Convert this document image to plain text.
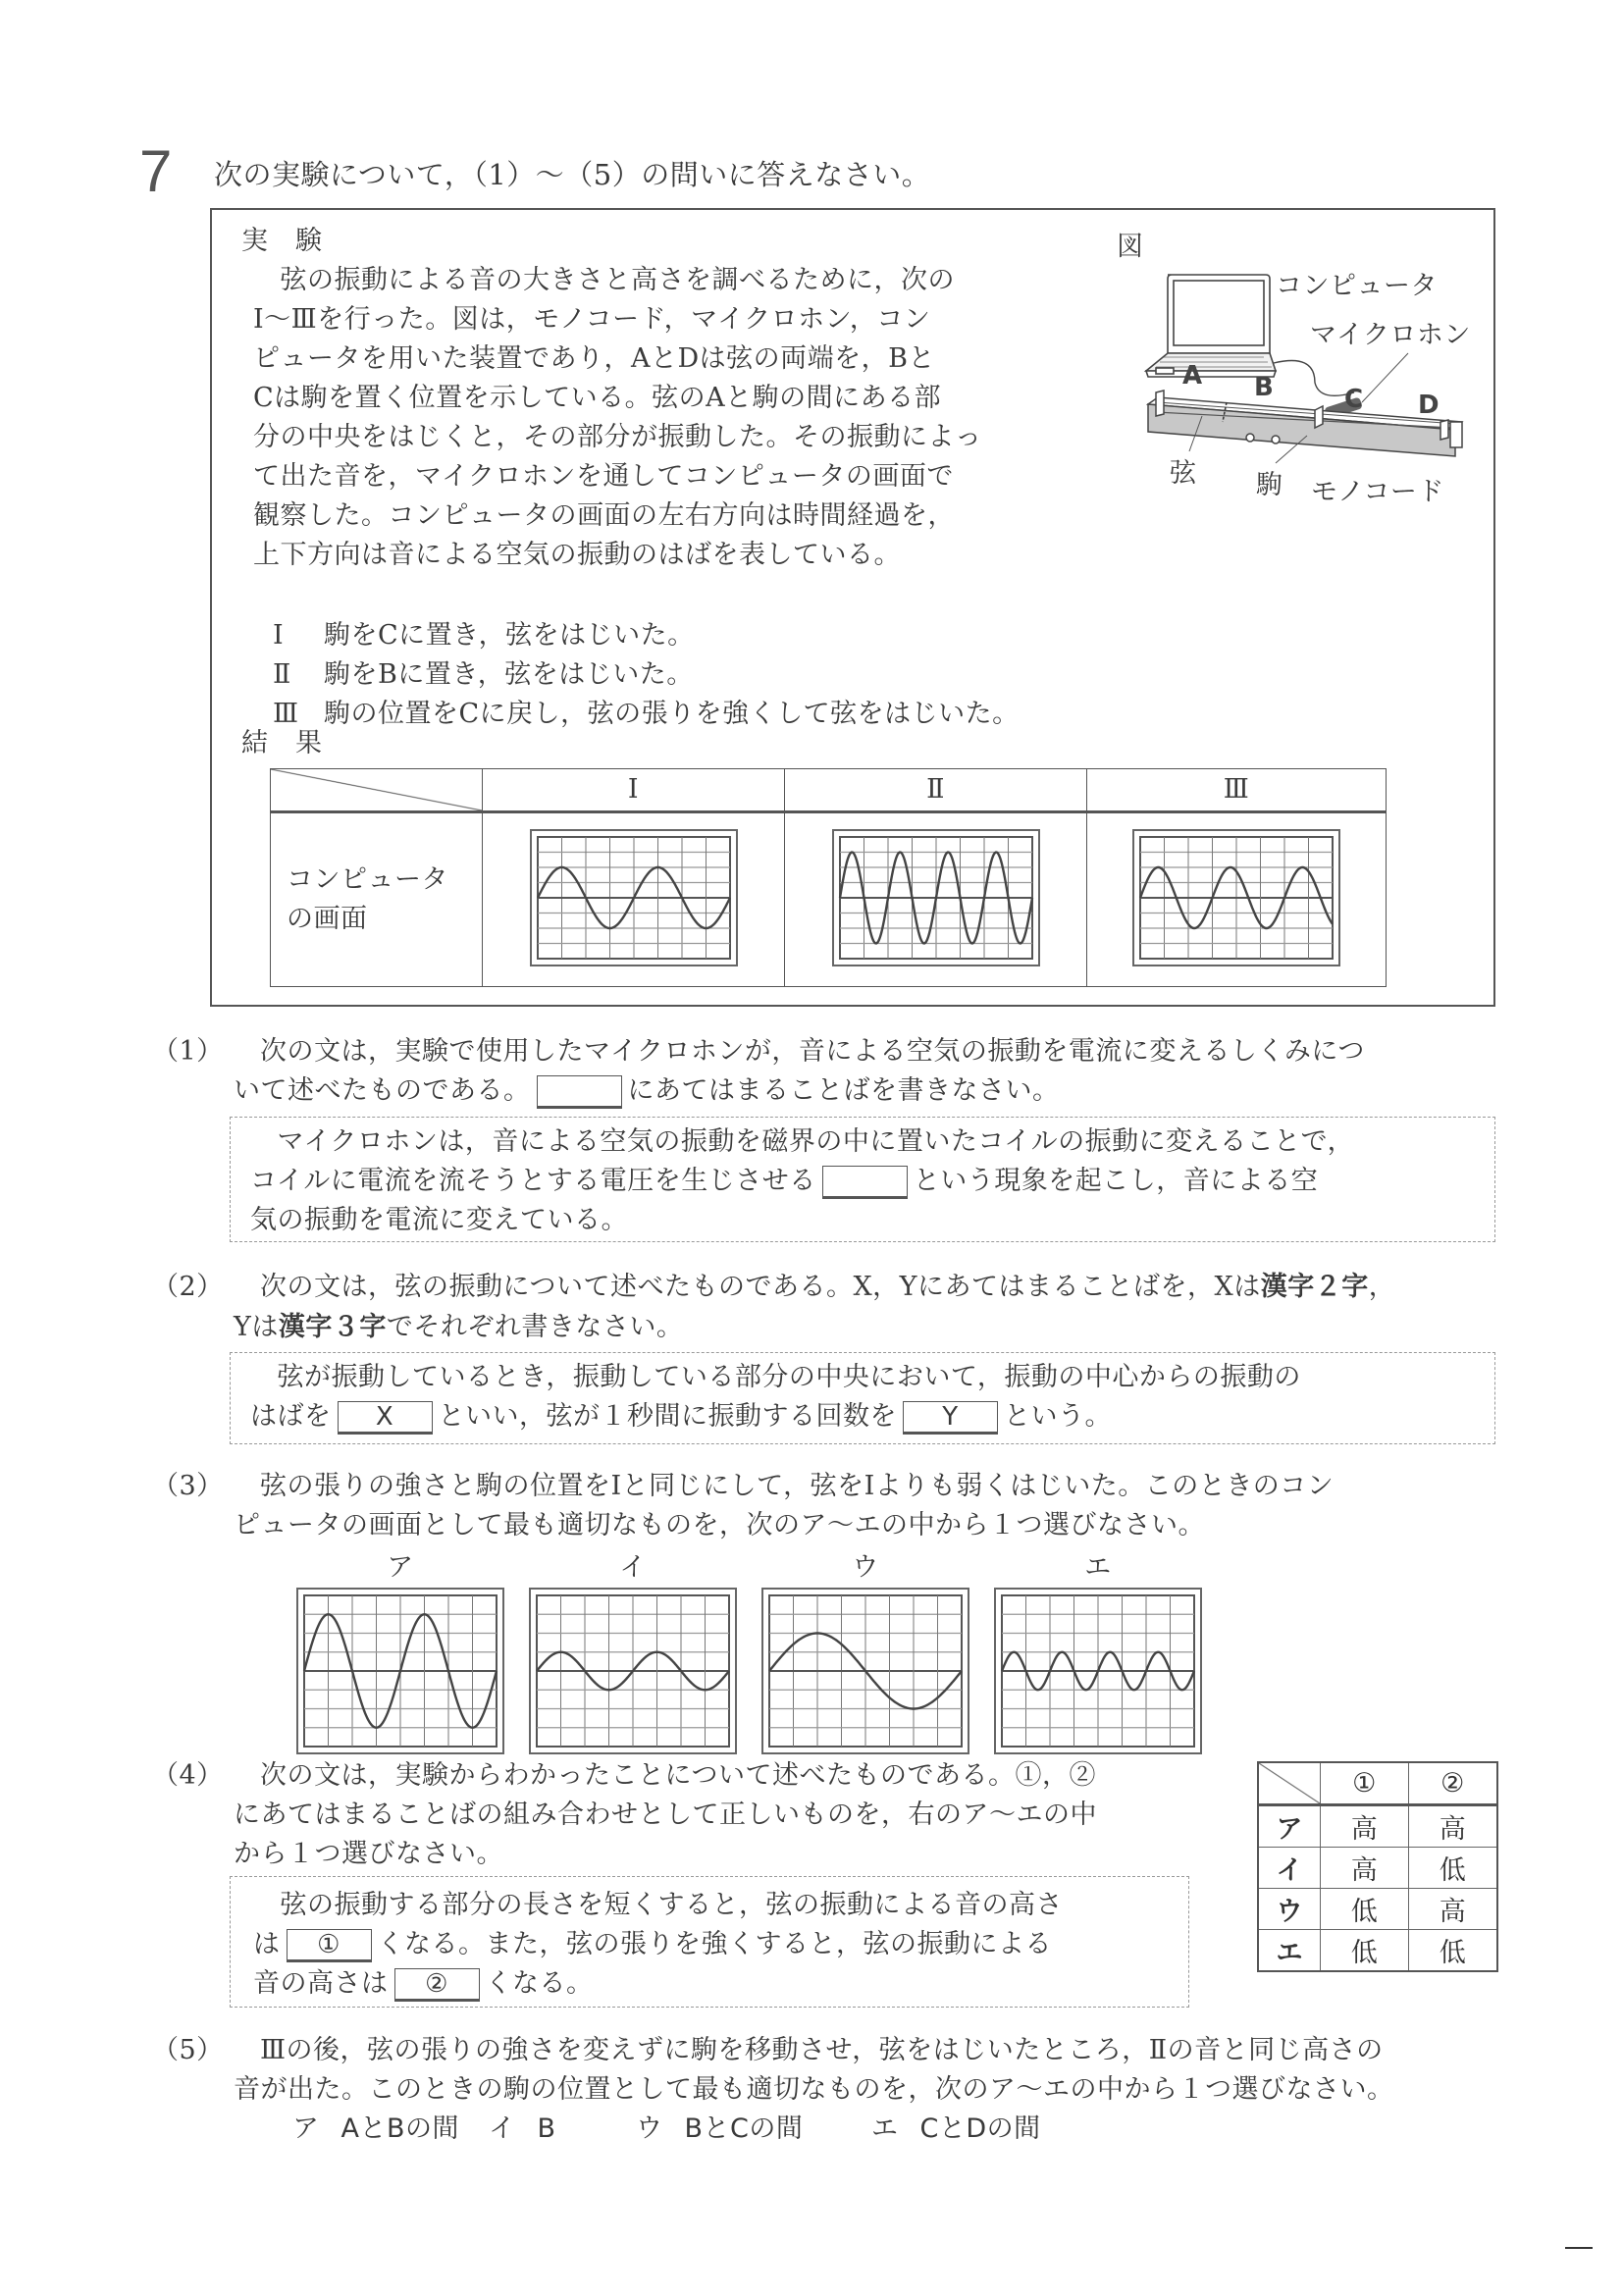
7 次の実験について，（1）～（5）の問いに答えなさい。
実　験
　弦の振動による音の大きさと高さを調べるために，次の
Ⅰ～Ⅲを行った。図は，モノコード，マイクロホン，コン
ピュータを用いた装置であり，AとDは弦の両端を，Bと
Cは駒を置く位置を示している。弦のAと駒の間にある部
分の中央をはじくと，その部分が振動した。その振動によっ
て出た音を，マイクロホンを通してコンピュータの画面で
観察した。コンピュータの画面の左右方向は時間経過を，
上下方向は音による空気の振動のはばを表している。
Ⅰ 駒をCに置き，弦をはじいた。
Ⅱ 駒をBに置き，弦をはじいた。
Ⅲ 駒の位置をCに戻し，弦の張りを強くして弦をはじいた。
図
コンピュータ
マイクロホン
A B	C D
弦 駒 モノコード
結　果
	Ⅰ	Ⅱ	Ⅲ

コンピュータ
の画面

（1） 次の文は，実験で使用したマイクロホンが，音による空気の振動を電流に変えるしくみにつ
いて述べたものである。	にあてはまることばを書きなさい。
　マイクロホンは，音による空気の振動を磁界の中に置いたコイルの振動に変えることで，
コイルに電流を流そうとする電圧を生じさせる	という現象を起こし，音による空
気の振動を電流に変えている。
（2） 次の文は，弦の振動について述べたものである。X，Yにあてはまることばを，Xは漢字２字，
Yは漢字３字でそれぞれ書きなさい。
　弦が振動しているとき，振動している部分の中央において，振動の中心からの振動の
はばを X といい，弦が１秒間に振動する回数を Y という。
（3） 弦の張りの強さと駒の位置をⅠと同じにして，弦をⅠよりも弱くはじいた。このときのコン
ピュータの画面として最も適切なものを，次のア～エの中から１つ選びなさい。
ア	イ	ウ	エ
（4） 次の文は，実験からわかったことについて述べたものである。①，②
にあてはまることばの組み合わせとして正しいものを，右のア～エの中
から１つ選びなさい。
　弦の振動する部分の長さを短くすると，弦の振動による音の高さ
は ① くなる。また，弦の張りを強くすると，弦の振動による
音の高さは ② くなる。
	①	②
ア	高	高
イ	高	低
ウ	低	高
エ	低	低
（5） Ⅲの後，弦の張りの強さを変えずに駒を移動させ，弦をはじいたところ，Ⅱの音と同じ高さの
音が出た。このときの駒の位置として最も適切なものを，次のア～エの中から１つ選びなさい。
ア AとBの間	イ B	ウ BとCの間	エ CとDの間
